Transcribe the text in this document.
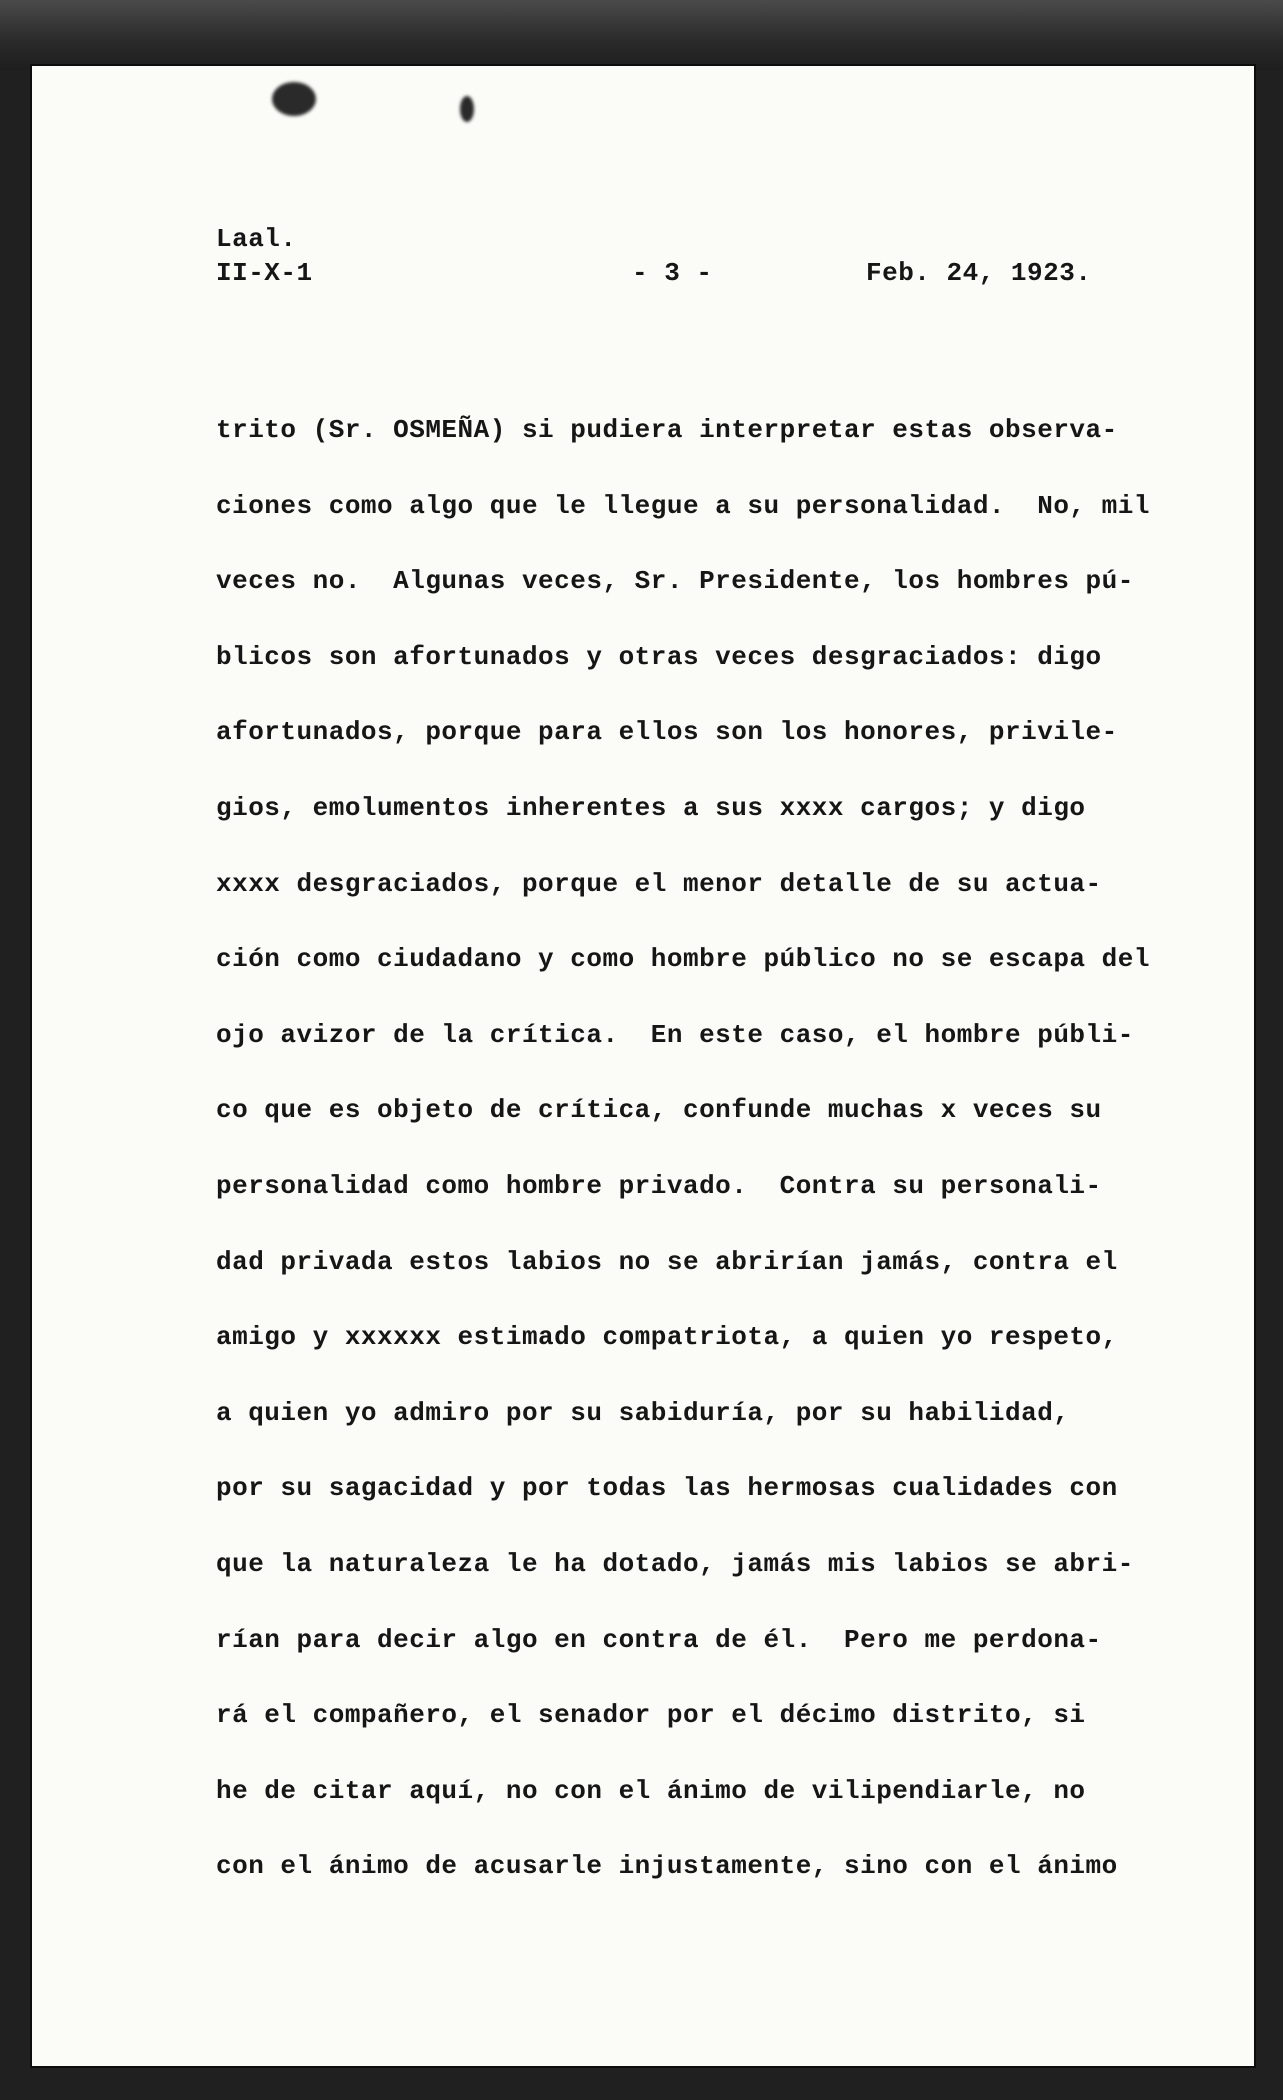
Laal.
II-X-1	- 3 -	Feb. 24, 1923.
trito (Sr. OSMEÑA) si pudiera interpretar estas observa-
ciones como algo que le llegue a su personalidad.  No, mil
veces no.  Algunas veces, Sr. Presidente, los hombres pú-
blicos son afortunados y otras veces desgraciados: digo
afortunados, porque para ellos son los honores, privile-
gios, emolumentos inherentes a sus xxxx cargos; y digo
xxxx desgraciados, porque el menor detalle de su actua-
ción como ciudadano y como hombre público no se escapa del
ojo avizor de la crítica.  En este caso, el hombre públi-
co que es objeto de crítica, confunde muchas x veces su
personalidad como hombre privado.  Contra su personali-
dad privada estos labios no se abrirían jamás, contra el
amigo y xxxxxx estimado compatriota, a quien yo respeto,
a quien yo admiro por su sabiduría, por su habilidad,
por su sagacidad y por todas las hermosas cualidades con
que la naturaleza le ha dotado, jamás mis labios se abri-
rían para decir algo en contra de él.  Pero me perdona-
rá el compañero, el senador por el décimo distrito, si
he de citar aquí, no con el ánimo de vilipendiarle, no
con el ánimo de acusarle injustamente, sino con el ánimo
